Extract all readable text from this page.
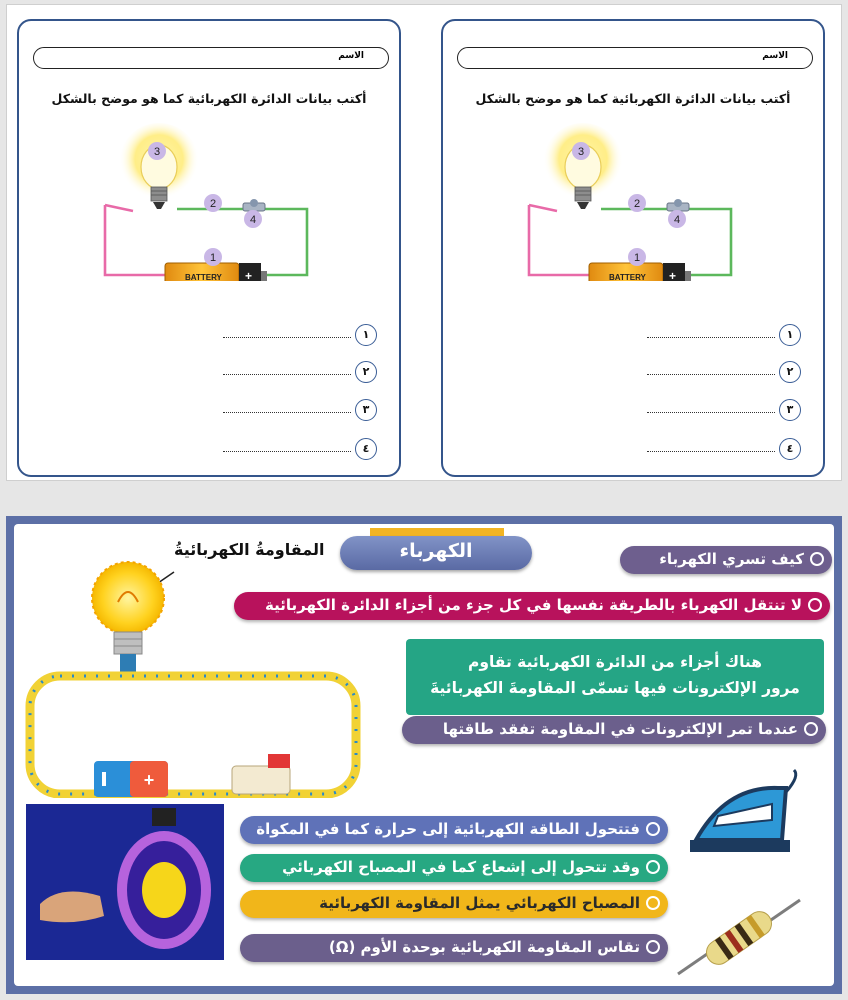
الاسم
أكتب بيانات الدائرة الكهربائية كما هو موضح بالشكل
BATTERY +
1
2
3
4
١
٢
٣
٤
الاسم
أكتب بيانات الدائرة الكهربائية كما هو موضح بالشكل
BATTERY +
1
2
3
4
١
٢
٣
٤
الكهرباء
المقاومةُ الكهربائيةُ
+
كيف تسري الكهرباء
لا تنتقل الكهرباء بالطريقة نفسها في كل جزء من أجزاء الدائرة الكهربائية
هناك أجزاء من الدائرة الكهربائية تقاوم
مرور الإلكترونات فيها تسمّى المقاومةَ الكهربائيةَ
عندما تمر الإلكترونات في المقاومة تفقد طاقتها
فتتحول الطاقة الكهربائية إلى حرارة كما في المكواة
وقد تتحول إلى إشعاع كما في المصباح الكهربائي
المصباح الكهربائي يمثل المقاومة الكهربائية
تقاس المقاومة الكهربائية بوحدة الأوم (Ω)
